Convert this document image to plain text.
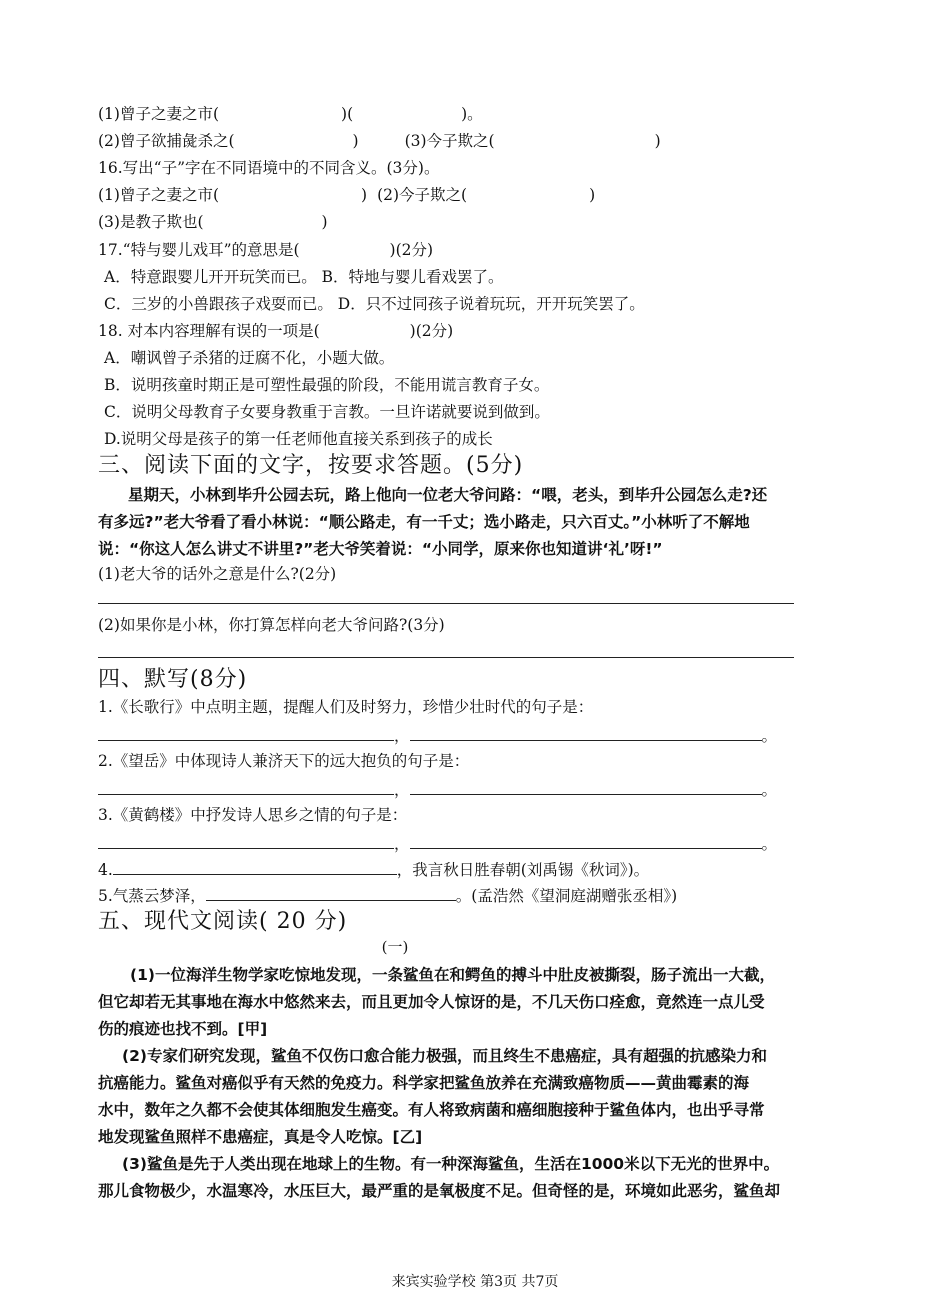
(1)曾子之妻之市(	)(	)。
(2)曾子欲捕彘杀之(	)	(3)今子欺之(	)
16.写出“子”字在不同语境中的不同含义。(3分)。
(1)曾子之妻之市(	) (2)今子欺之(	)
(3)是教子欺也(	)
17.“特与婴儿戏耳”的意思是(	)(2分)
A．特意跟婴儿开开玩笑而已。 B．特地与婴儿看戏罢了。
C．三岁的小兽跟孩子戏耍而已。 D．只不过同孩子说着玩玩，开开玩笑罢了。
18. 对本内容理解有误的一项是(	)(2分)
A．嘲讽曾子杀猪的迂腐不化，小题大做。
B．说明孩童时期正是可塑性最强的阶段，不能用谎言教育子女。
C．说明父母教育子女要身教重于言教。一旦许诺就要说到做到。
D.说明父母是孩子的第一任老师他直接关系到孩子的成长
三、阅读下面的文字，按要求答题。(5分)
星期天，小林到毕升公园去玩，路上他向一位老大爷问路：“喂，老头，到毕升公园怎么走?还
有多远?”老大爷看了看小林说：“顺公路走，有一千丈；选小路走，只六百丈。”小林听了不解地
说：“你这人怎么讲丈不讲里?”老大爷笑着说：“小同学，原来你也知道讲‘礼’呀!”
(1)老大爷的话外之意是什么?(2分)
(2)如果你是小林，你打算怎样向老大爷问路?(3分)
四、默写(8分)
1.《长歌行》中点明主题，提醒人们及时努力，珍惜少壮时代的句子是：
，	。
2.《望岳》中体现诗人兼济天下的远大抱负的句子是：
，	。
3.《黄鹤楼》中抒发诗人思乡之情的句子是：
，	。
4.	，我言秋日胜春朝(刘禹锡《秋词》)。
5.气蒸云梦泽，	。(孟浩然《望洞庭湖赠张丞相》)
五、现代文阅读( 20 分)
(一)
(1)一位海洋生物学家吃惊地发现，一条鲨鱼在和鳄鱼的搏斗中肚皮被撕裂，肠子流出一大截，
但它却若无其事地在海水中悠然来去，而且更加令人惊讶的是，不几天伤口痊愈，竟然连一点儿受
伤的痕迹也找不到。[甲]
(2)专家们研究发现，鲨鱼不仅伤口愈合能力极强，而且终生不患癌症，具有超强的抗感染力和
抗癌能力。鲨鱼对癌似乎有天然的免疫力。科学家把鲨鱼放养在充满致癌物质——黄曲霉素的海
水中，数年之久都不会使其体细胞发生癌变。有人将致病菌和癌细胞接种于鲨鱼体内，也出乎寻常
地发现鲨鱼照样不患癌症，真是令人吃惊。[乙]
(3)鲨鱼是先于人类出现在地球上的生物。有一种深海鲨鱼，生活在1000米以下无光的世界中。
那儿食物极少，水温寒冷，水压巨大，最严重的是氧极度不足。但奇怪的是，环境如此恶劣，鲨鱼却
来宾实验学校 第3页 共7页
